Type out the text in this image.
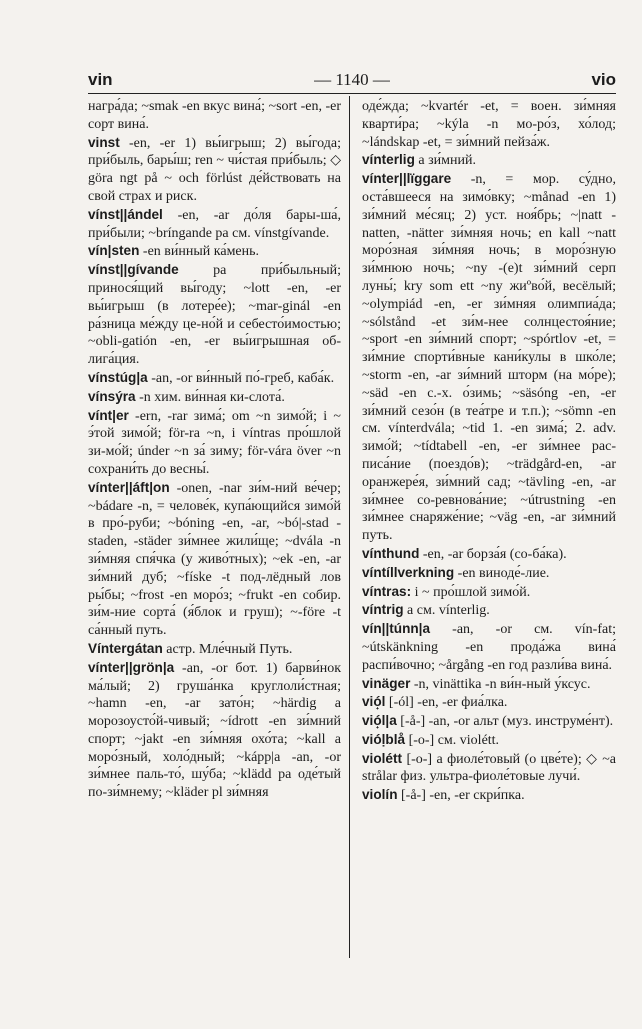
vin	— 1140 —	vio

награ́да; ~smak -en вкус вина́; ~sort -en, -er сорт вина́.

vinst -en, -er 1) вы́игрыш; 2) вы́года; при́быль, бары́ш; ren ~ чи́стая при́быль; ◇ göra ngt på ~ och förlúst де́йствовать на свой страх и риск.

vínst||ándel -en, -ar до́ля бары-ша́, при́были; ~bríngande pa см. vínstgívande.

vín|sten -en ви́нный ка́мень.

vínst||gívande pa при́быльный; принося́щий вы́году; ~lott -en, -er вы́игрыш (в лотере́е); ~mar-ginál -en ра́зница ме́жду це-но́й и себесто́имостью; ~obli-gatión -en, -er вы́игрышная об-лига́ция.

vínstúg|a -an, -or ви́нный по́-греб, каба́к.

vínsýra -n хим. ви́нная ки-слота́.

vínt|er -ern, -rar зима́; om ~n зимо́й; i ~ э́той зимо́й; för-ra ~n, i víntras про́шлой зи-мо́й; únder ~n за́ зиму; för-vára över ~n сохрани́ть до весны́.

vínter||áft|on -onen, -nar зи́м-ний ве́чер; ~bádare -n, = челове́к, купа́ющийся зимо́й в про́-руби; ~bóning -en, -ar, ~bó|-stad -staden, -städer зи́мнее жили́ще; ~dvála -n зи́мняя спя́чка (у живо́тных); ~ek -en, -ar зи́мний дуб; ~físke -t под-лёдный лов ры́бы; ~frost -en моро́з; ~frukt -en собир. зи́м-ние сорта́ (я́блок и груш); ~-före -t са́нный путь.

Víntergátan астр. Мле́чный Путь.

vínter||grön|a -an, -or бот. 1) барви́нок ма́лый; 2) груша́нка круглоли́стная; ~hamn -en, -ar зато́н; ~härdig a морозоусто́й-чивый; ~ídrott -en зи́мний спорт; ~jakt -en зи́мняя охо́та; ~kall a моро́зный, холо́дный; ~kápp|a -an, -or зи́мнее паль-то́, шу́ба; ~klädd pa оде́тый по-зи́мнему; ~kläder pl зи́мняя

оде́жда; ~kvartér -et, = воен. зи́мняя кварти́ра; ~kýla -n мо-ро́з, хо́лод; ~lándskap -et, = зи́мний пейза́ж.

vínterlig a зи́мний.

vínter||lïggare -n, = мор. су́дно, оста́вшееся на зимо́вку; ~månad -en 1) зи́мний ме́сяц; 2) уст. ноя́брь; ~|natt -natten, -nätter зи́мняя ночь; en kall ~natt моро́зная зи́мняя ночь; в моро́зную зи́мнюю ночь; ~ny -(e)t зи́мний серп луны́; kry som ett ~ny жиºво́й, весёлый; ~olympiád -en, -er зи́мняя олимпиа́да; ~sólstånd -et зи́м-нее солнцестоя́ние; ~sport -en зи́мний спорт; ~spórtlov -et, = зи́мние спорти́вные кани́кулы в шко́ле; ~storm -en, -ar зи́мний шторм (на мо́ре); ~säd -en с.-х. о́зимь; ~säsóng -en, -er зи́мний сезо́н (в теа́тре и т.п.); ~sömn -en см. vínterdvála; ~tid 1. -en зима́; 2. adv. зимо́й; ~tídtabell -en, -er зи́мнее рас-писа́ние (поездо́в); ~trädgård-en, -ar оранжере́я, зи́мний сад; ~tävling -en, -ar зи́мнее со-ревнова́ние; ~útrustning -en зи́мнее снаряже́ние; ~väg -en, -ar зи́мний путь.

vínthund -en, -ar борза́я (со-ба́ка).

víntíllverkning -en виноде́-лие.

víntras: i ~ про́шлой зимо́й.

víntrig a см. vínterlig.

vín||túnn|a -an, -or см. vín-fat; ~útskänkning -en прода́жа вина́ распи́вочно; ~årgång -en год разли́ва вина́.

vinäger -n, vinättika -n ви́н-ный у́ксус.

vió̟l [-ól] -en, -er фиа́лка.

vió̟l|a [-å-] -an, -or альт (муз. инструме́нт).

vióḷblå [-o-] см. violétt.

violétt [-o-] a фиоле́товый (о цве́те); ◇ ~a strålar физ. ультра-фиоле́товые лучи́.

violín [-å-] -en, -er скри́пка.
